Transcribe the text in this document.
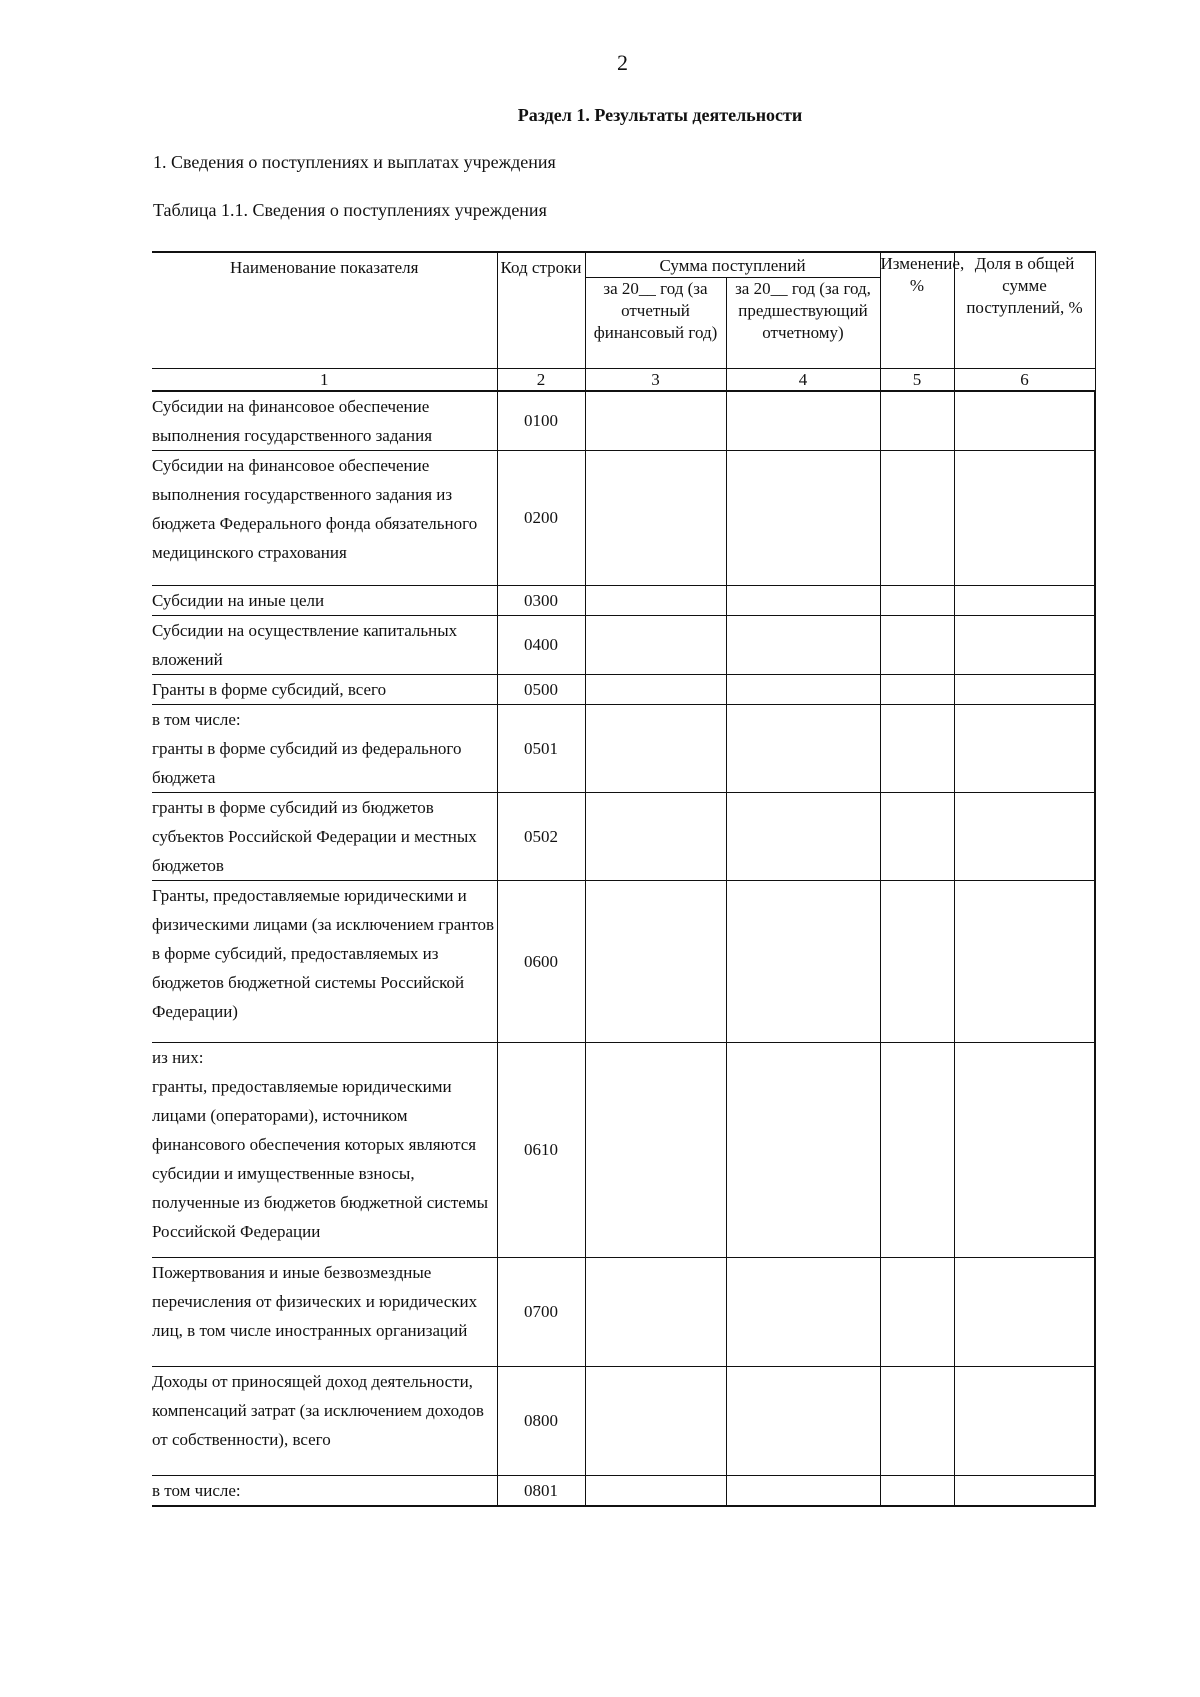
2
Раздел 1. Результаты деятельности
1. Сведения о поступлениях и выплатах учреждения
Таблица 1.1. Сведения о поступлениях учреждения
Наименование показателя	Код строки	Сумма поступлений		Изменение, %	Доля в общей сумме поступлений, %
		за 20__ год (за отчетный финансовый год)	за 20__ год (за год, предшествующий отчетному)		
1	2	3	4	5	6
Субсидии на финансовое обеспечение выполнения государственного задания	0100				
Субсидии на финансовое обеспечение выполнения государственного задания из бюджета Федерального фонда обязательного медицинского страхования	0200				
Субсидии на иные цели	0300				
Субсидии на осуществление капитальных вложений	0400				
Гранты в форме субсидий, всего	0500				
в том числе:
гранты в форме субсидий из федерального бюджета	0501				
гранты в форме субсидий из бюджетов субъектов Российской Федерации и местных бюджетов	0502				
Гранты, предоставляемые юридическими и физическими лицами (за исключением грантов в форме субсидий, предоставляемых из бюджетов бюджетной системы Российской Федерации)	0600				
из них:
гранты, предоставляемые юридическими лицами (операторами), источником финансового обеспечения которых являются субсидии и имущественные взносы, полученные из бюджетов бюджетной системы Российской Федерации	0610				
Пожертвования и иные безвозмездные перечисления от физических и юридических лиц, в том числе иностранных организаций	0700				
Доходы от приносящей доход деятельности, компенсаций затрат (за исключением доходов от собственности), всего	0800				
в том числе:	0801				
